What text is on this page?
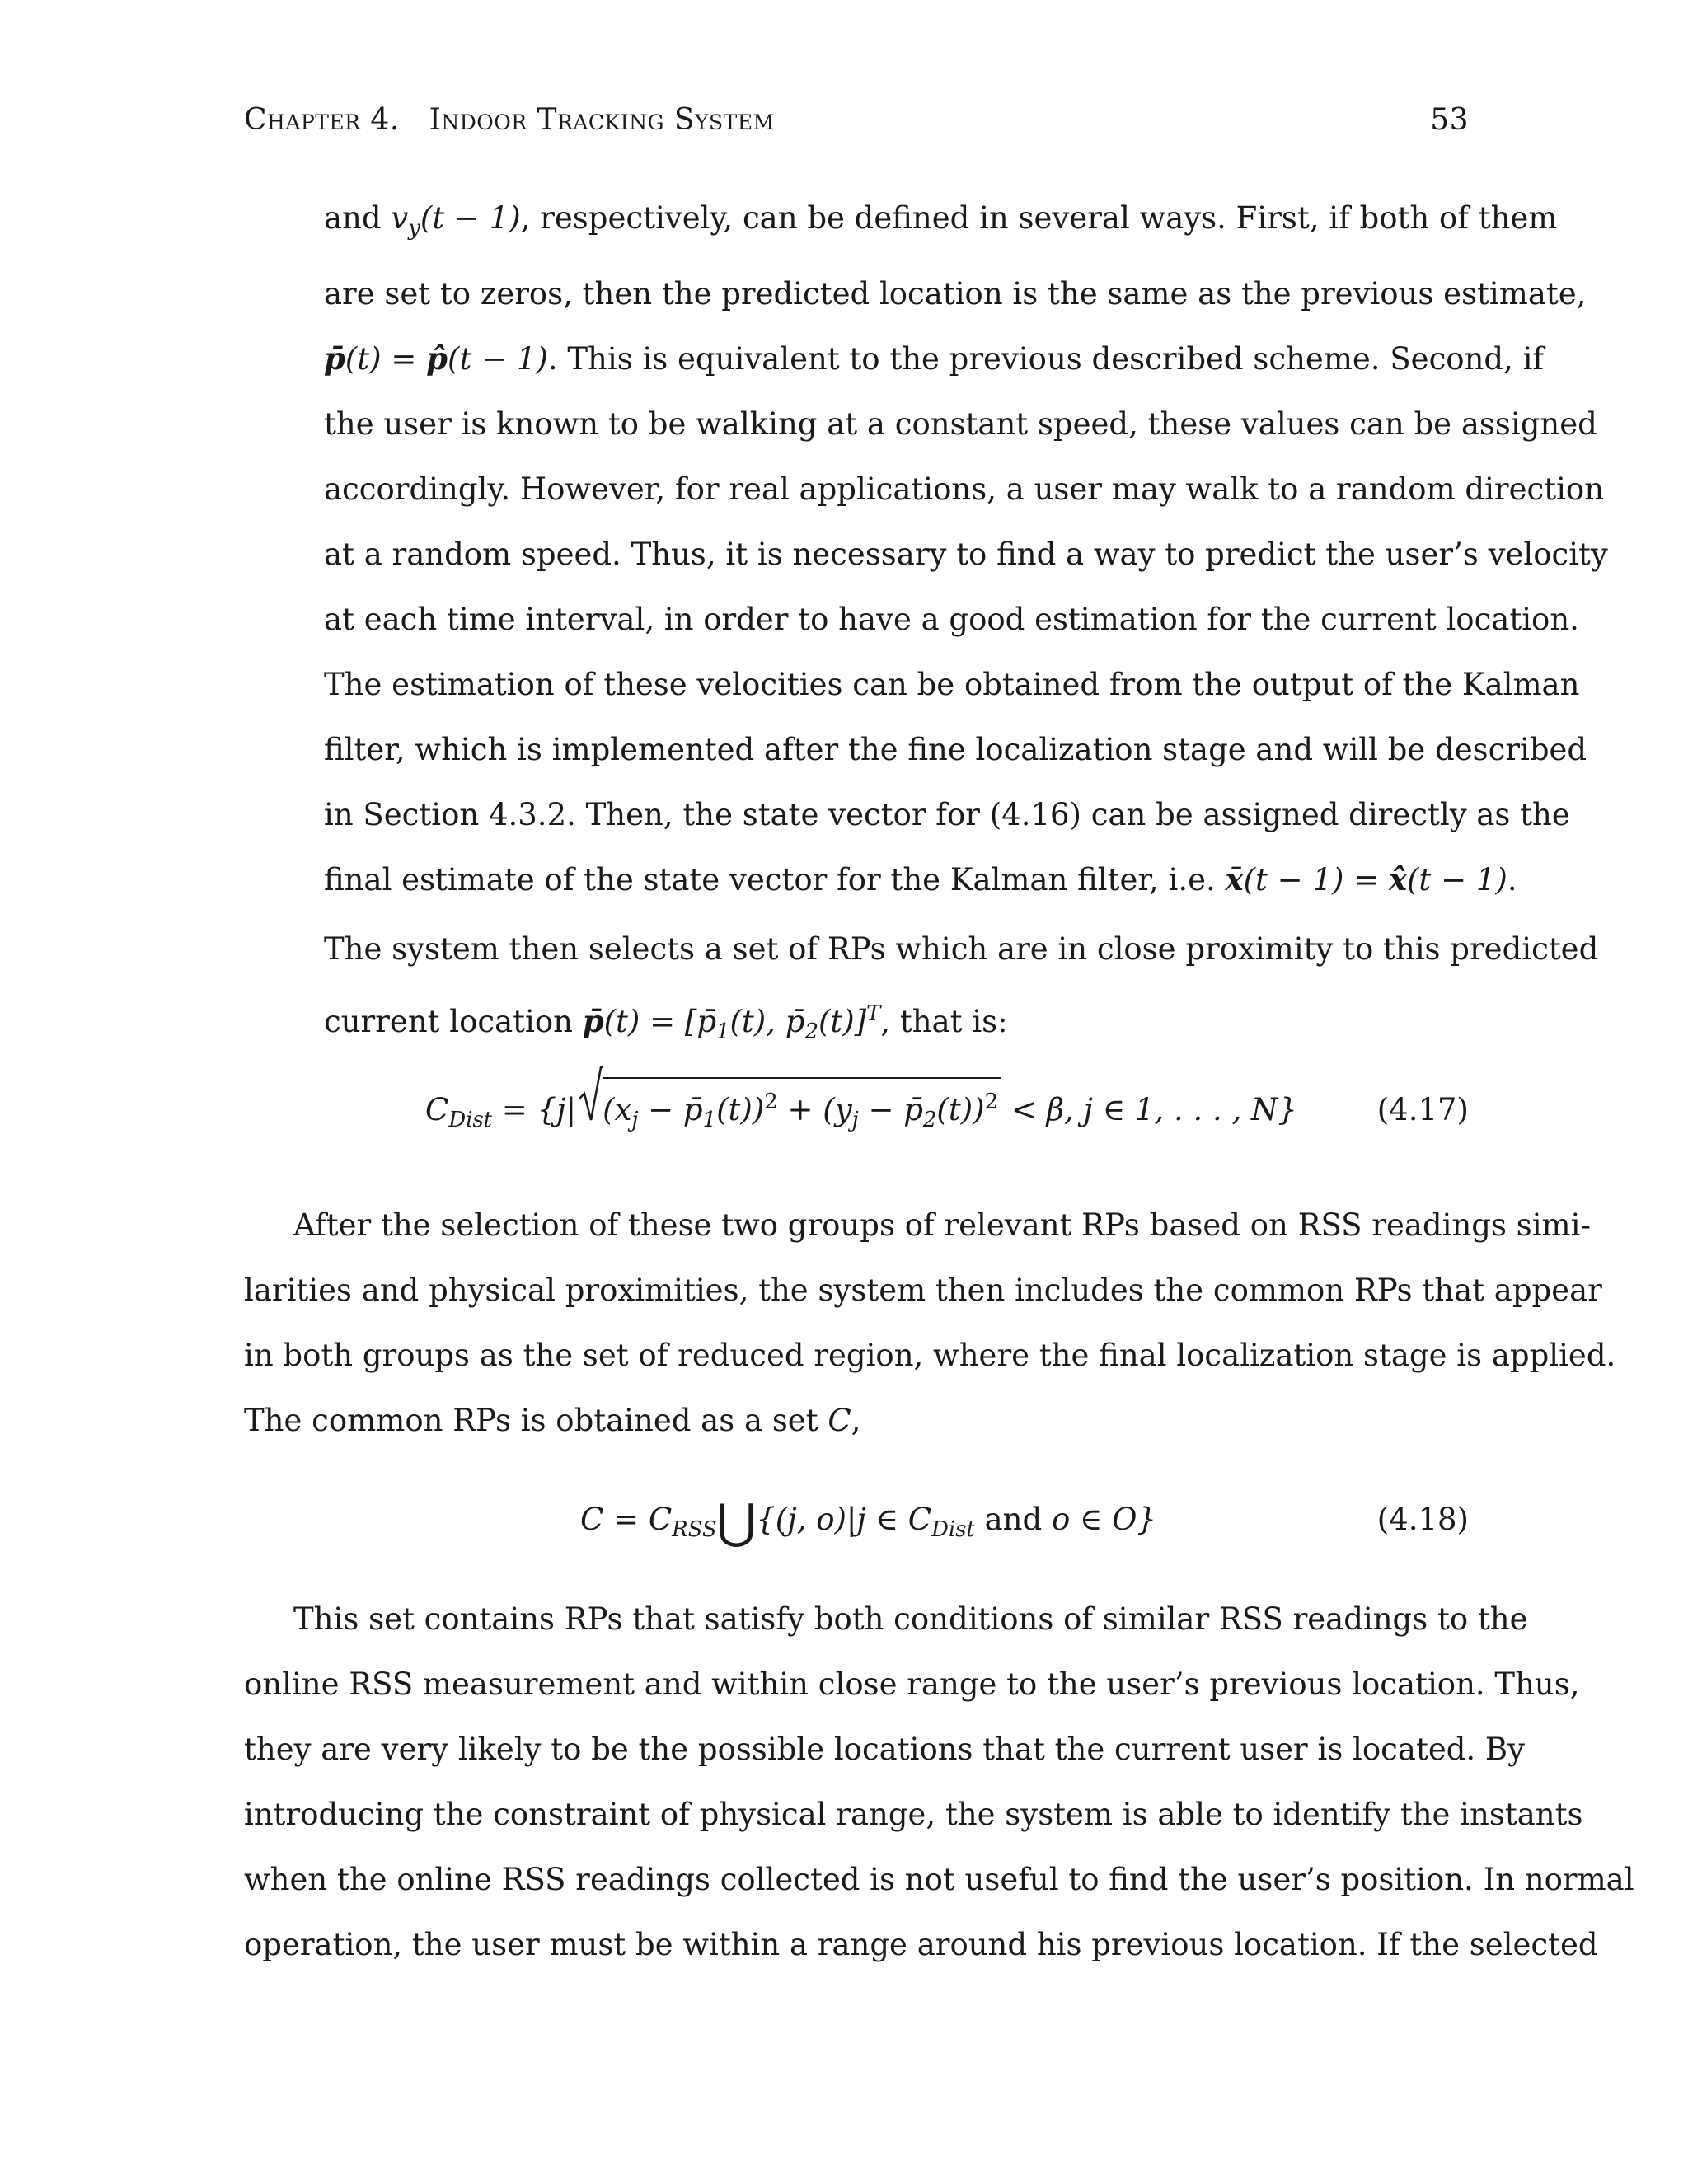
Chapter 4. Indoor Tracking System	53
and $v_y(t - 1)$, respectively, can be defined in several ways. First, if both of them
are set to zeros, then the predicted location is the same as the previous estimate,
p̄(t) = p̂(t − 1). This is equivalent to the previous described scheme. Second, if
the user is known to be walking at a constant speed, these values can be assigned
accordingly. However, for real applications, a user may walk to a random direction
at a random speed. Thus, it is necessary to find a way to predict the user’s velocity
at each time interval, in order to have a good estimation for the current location.
The estimation of these velocities can be obtained from the output of the Kalman
filter, which is implemented after the fine localization stage and will be described
in Section 4.3.2. Then, the state vector for (4.16) can be assigned directly as the
final estimate of the state vector for the Kalman filter, i.e. x̄(t − 1) = x̂(t − 1).
The system then selects a set of RPs which are in close proximity to this predicted
current location p̄(t) = [$p̄_1(t)$, $p̄_2(t)]^T$, that is:
$C_{Dist} = \{j|$ ($x_j$ − $p̄_1(t))^2 + (y_j$ − $p̄_2(t))^2 < \beta$, j ∈ 1, . . . , N}	(4.17)
After the selection of these two groups of relevant RPs based on RSS readings simi-
larities and physical proximities, the system then includes the common RPs that appear
in both groups as the set of reduced region, where the final localization stage is applied.
The common RPs is obtained as a set C,
$C = C_{RSS}⋃\{(j$, o)|j ∈ $C_{Dist}$ and o ∈ O}	(4.18)
This set contains RPs that satisfy both conditions of similar RSS readings to the
online RSS measurement and within close range to the user’s previous location. Thus,
they are very likely to be the possible locations that the current user is located. By
introducing the constraint of physical range, the system is able to identify the instants
when the online RSS readings collected is not useful to find the user’s position. In normal
operation, the user must be within a range around his previous location. If the selected
